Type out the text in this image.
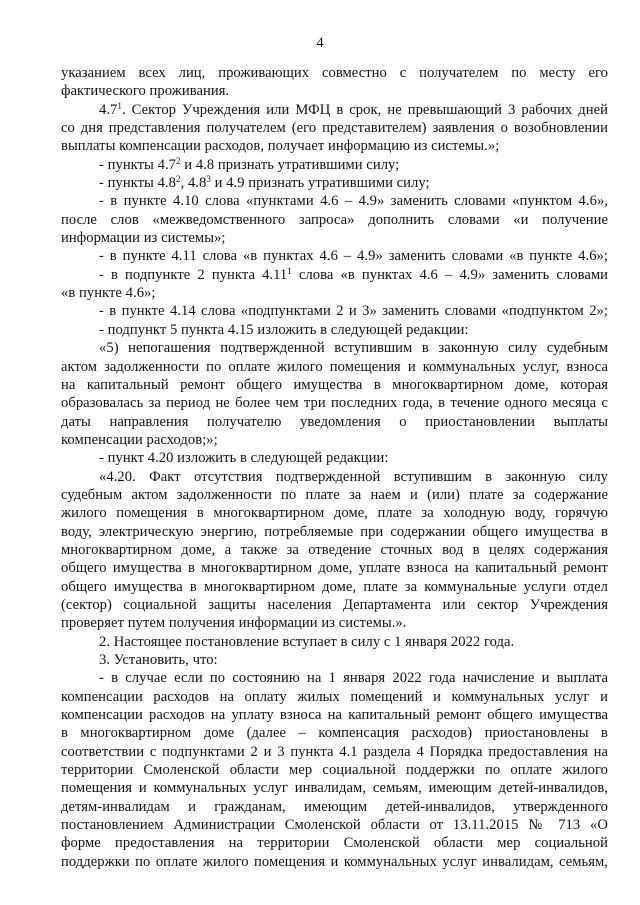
4
указанием всех лиц, проживающих совместно с получателем по месту его
фактического проживания.
$4.7^1$. Сектор Учреждения или МФЦ в срок, не превышающий 3 рабочих дней
со дня представления получателем (его представителем) заявления о возобновлении
выплаты компенсации расходов, получает информацию из системы.»;
- пункты $4.7^2$ и 4.8 признать утратившими силу;
- пункты $4.8^2$, $4.8^3$ и 4.9 признать утратившими силу;
- в пункте 4.10 слова «пунктами 4.6 – 4.9» заменить словами «пунктом 4.6»,
после слов «межведомственного запроса» дополнить словами «и получение
информации из системы»;
- в пункте 4.11 слова «в пунктах 4.6 – 4.9» заменить словами «в пункте 4.6»;
- в подпункте 2 пункта 4.11$^1$ слова «в пунктах 4.6 – 4.9» заменить словами
«в пункте 4.6»;
- в пункте 4.14 слова «подпунктами 2 и 3» заменить словами «подпунктом 2»;
- подпункт 5 пункта 4.15 изложить в следующей редакции:
«5) непогашения подтвержденной вступившим в законную силу судебным
актом задолженности по оплате жилого помещения и коммунальных услуг, взноса
на капитальный ремонт общего имущества в многоквартирном доме, которая
образовалась за период не более чем три последних года, в течение одного месяца с
даты направления получателю уведомления о приостановлении выплаты
компенсации расходов;»;
- пункт 4.20 изложить в следующей редакции:
«4.20. Факт отсутствия подтвержденной вступившим в законную силу
судебным актом задолженности по плате за наем и (или) плате за содержание
жилого помещения в многоквартирном доме, плате за холодную воду, горячую
воду, электрическую энергию, потребляемые при содержании общего имущества в
многоквартирном доме, а также за отведение сточных вод в целях содержания
общего имущества в многоквартирном доме, уплате взноса на капитальный ремонт
общего имущества в многоквартирном доме, плате за коммунальные услуги отдел
(сектор) социальной защиты населения Департамента или сектор Учреждения
проверяет путем получения информации из системы.».
2. Настоящее постановление вступает в силу с 1 января 2022 года.
3. Установить, что:
- в случае если по состоянию на 1 января 2022 года начисление и выплата
компенсации расходов на оплату жилых помещений и коммунальных услуг и
компенсации расходов на уплату взноса на капитальный ремонт общего имущества
в многоквартирном доме (далее – компенсация расходов) приостановлены в
соответствии с подпунктами 2 и 3 пункта 4.1 раздела 4 Порядка предоставления на
территории Смоленской области мер социальной поддержки по оплате жилого
помещения и коммунальных услуг инвалидам, семьям, имеющим детей-инвалидов,
детям-инвалидам и гражданам, имеющим детей-инвалидов, утвержденного
постановлением Администрации Смоленской области от 13.11.2015 № 713 «О
форме предоставления на территории Смоленской области мер социальной
поддержки по оплате жилого помещения и коммунальных услуг инвалидам, семьям,
